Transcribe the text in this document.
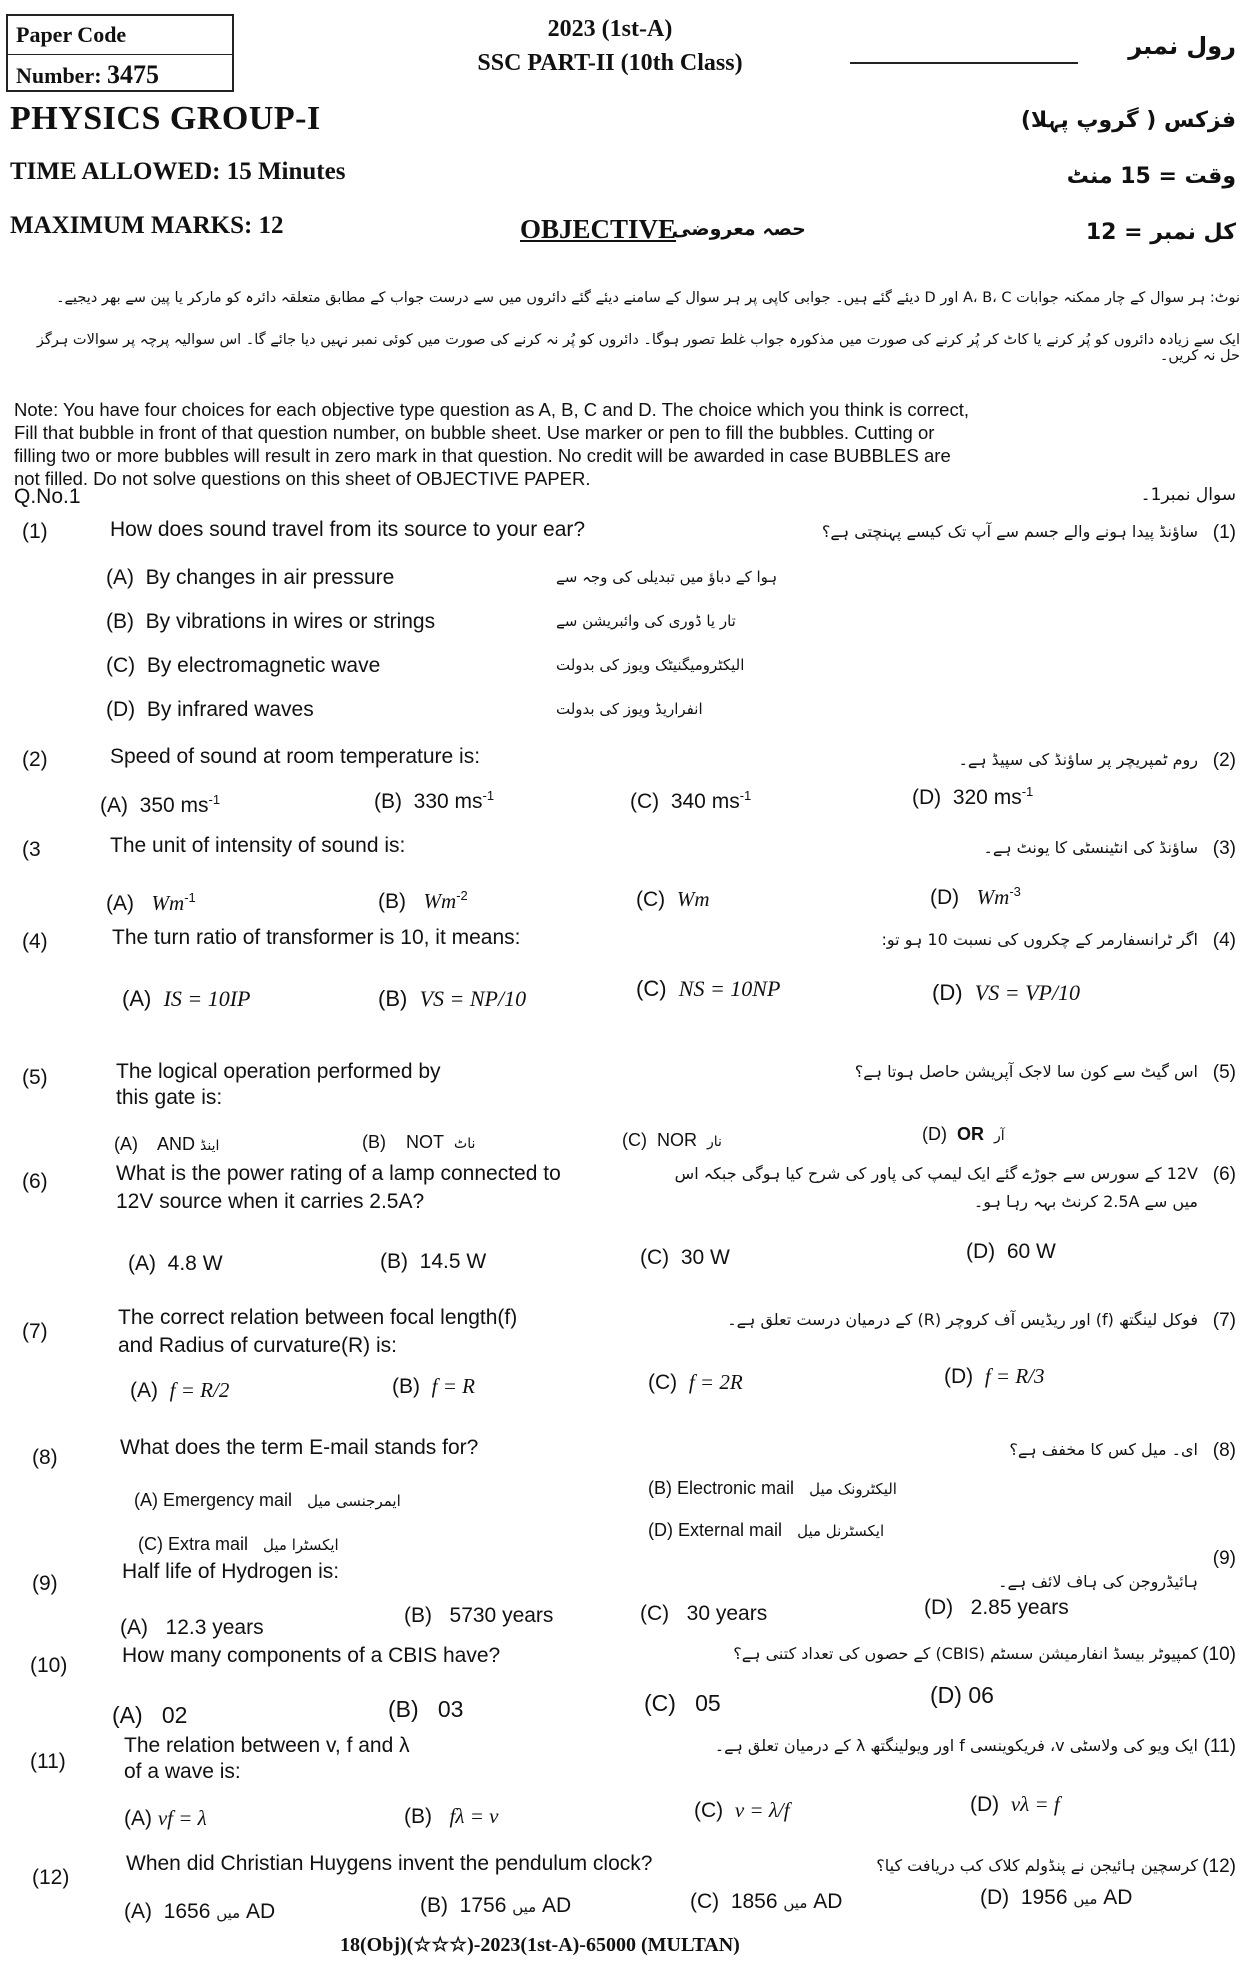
Paper Code
Number: 3475
2023 (1st-A)
SSC PART-II (10th Class)
رول نمبر
PHYSICS GROUP-I	فزکس ( گروپ پہلا)
TIME ALLOWED: 15 Minutes	وقت = 15 منٹ
MAXIMUM MARKS: 12	OBJECTIVE
حصہ معروضی	کل نمبر = 12
نوٹ: ہر سوال کے چار ممکنہ جوابات A، B، C اور D دیئے گئے ہیں۔ جوابی کاپی پر ہر سوال کے سامنے دیئے گئے دائروں میں سے درست جواب کے مطابق متعلقہ دائرہ کو مارکر یا پین سے بھر دیجیے۔
ایک سے زیادہ دائروں کو پُر کرنے یا کاٹ کر پُر کرنے کی صورت میں مذکورہ جواب غلط تصور ہوگا۔ دائروں کو پُر نہ کرنے کی صورت میں کوئی نمبر نہیں دیا جائے گا۔ اس سوالیہ پرچہ پر سوالات ہرگز حل نہ کریں۔

Note: You have four choices for each objective type question as A, B, C and D. The choice which you think is correct,

Fill that bubble in front of that question number, on bubble sheet. Use marker or pen to fill the bubbles. Cutting or

filling two or more bubbles will result in zero mark in that question. No credit will be awarded in case BUBBLES are

not filled. Do not solve questions on this sheet of OBJECTIVE PAPER.

Q.No.1	سوال نمبر1۔
(1)	How does sound travel from its source to your ear?	ساؤنڈ پیدا ہونے والے جسم سے آپ تک کیسے پہنچتی ہے؟ (1)
(A) By changes in air pressure	ہوا کے دباؤ میں تبدیلی کی وجہ سے
(B) By vibrations in wires or strings	تار یا ڈوری کی وائبریشن سے
(C) By electromagnetic wave	الیکٹرومیگنیٹک ویوز کی بدولت
(D) By infrared waves	انفراریڈ ویوز کی بدولت
(2)	Speed of sound at room temperature is:	روم ٹمپریچر پر ساؤنڈ کی سپیڈ ہے۔ (2)
(A) 350 $ms^{-1}$	(B) 330 $ms^{-1}$	(C) 340 $ms^{-1}$	(D) 320 $ms^{-1}$
(3	The unit of intensity of sound is:	ساؤنڈ کی انٹینسٹی کا یونٹ ہے۔ (3)
(A) $Wm^{-1}$	(B) $Wm^{-2}$	(C) Wm	(D) $Wm^{-3}$
(4)	The turn ratio of transformer is 10, it means:	اگر ٹرانسفارمر کے چکروں کی نسبت 10 ہو تو: (4)
(A) IS = 10IP	(B) VS = NP/10	(C) NS = 10NP	(D) VS = VP/10
(5)	The logical operation performed by
this gate is:
اس گیٹ سے کون سا لاجک آپریشن حاصل ہوتا ہے؟ (5)
(A) AND اینڈ	(B) NOT ناٹ	(C) NOR نار	(D) OR آر
(6)	What is the power rating of a lamp connected to
12V source when it carries 2.5A?
12V کے سورس سے جوڑے گئے ایک لیمپ کی پاور کی شرح کیا ہوگی جبکہ اس
میں سے 2.5A کرنٹ بہہ رہا ہو۔
(6)
(A) 4.8 W	(B) 14.5 W	(C) 30 W	(D) 60 W
(7)
The correct relation between focal length(f)
and Radius of curvature(R) is:
فوکل لینگتھ (f) اور ریڈیس آف کروچر (R) کے درمیان درست تعلق ہے۔ (7)
(A) f = R/2	(B) f = R	(C) f = 2R	(D) f = R/3
(8)	What does the term E-mail stands for?	ای۔ میل کس کا مخفف ہے؟ (8)
(A) Emergency mail ایمرجنسی میل
(B) Electronic mail الیکٹرونک میل
(C) Extra mail ایکسٹرا میل
(D) External mail ایکسٹرنل میل
(9)
Half life of Hydrogen is:	ہائیڈروجن کی ہاف لائف ہے۔
(9)
(A) 12.3 years
(B) 5730 years	(C) 30 years	(D) 2.85 years
(10)	How many components of a CBIS have?	کمپیوٹر بیسڈ انفارمیشن سسٹم (CBIS) کے حصوں کی تعداد کتنی ہے؟ (10)
(A) 02	(B) 03	(C) 05	(D) 06
(11)
The relation between v, f and λ
of a wave is:
ایک ویو کی ولاسٹی v، فریکوینسی f اور ویولینگتھ λ کے درمیان تعلق ہے۔ (11)
(A) vf = λ	(B) fλ = v	(C) v = λ/f	(D) vλ = f
(12)
When did Christian Huygens invent the pendulum clock?	کرسچین ہائیجن نے پنڈولم کلاک کب دریافت کیا؟ (12)
(A)	میں 1656 AD	(B)	میں 1756 AD	(C)	میں 1856 AD	(D)	میں 1956 AD
18(Obj)(☆☆☆)-2023(1st-A)-65000 (MULTAN)
